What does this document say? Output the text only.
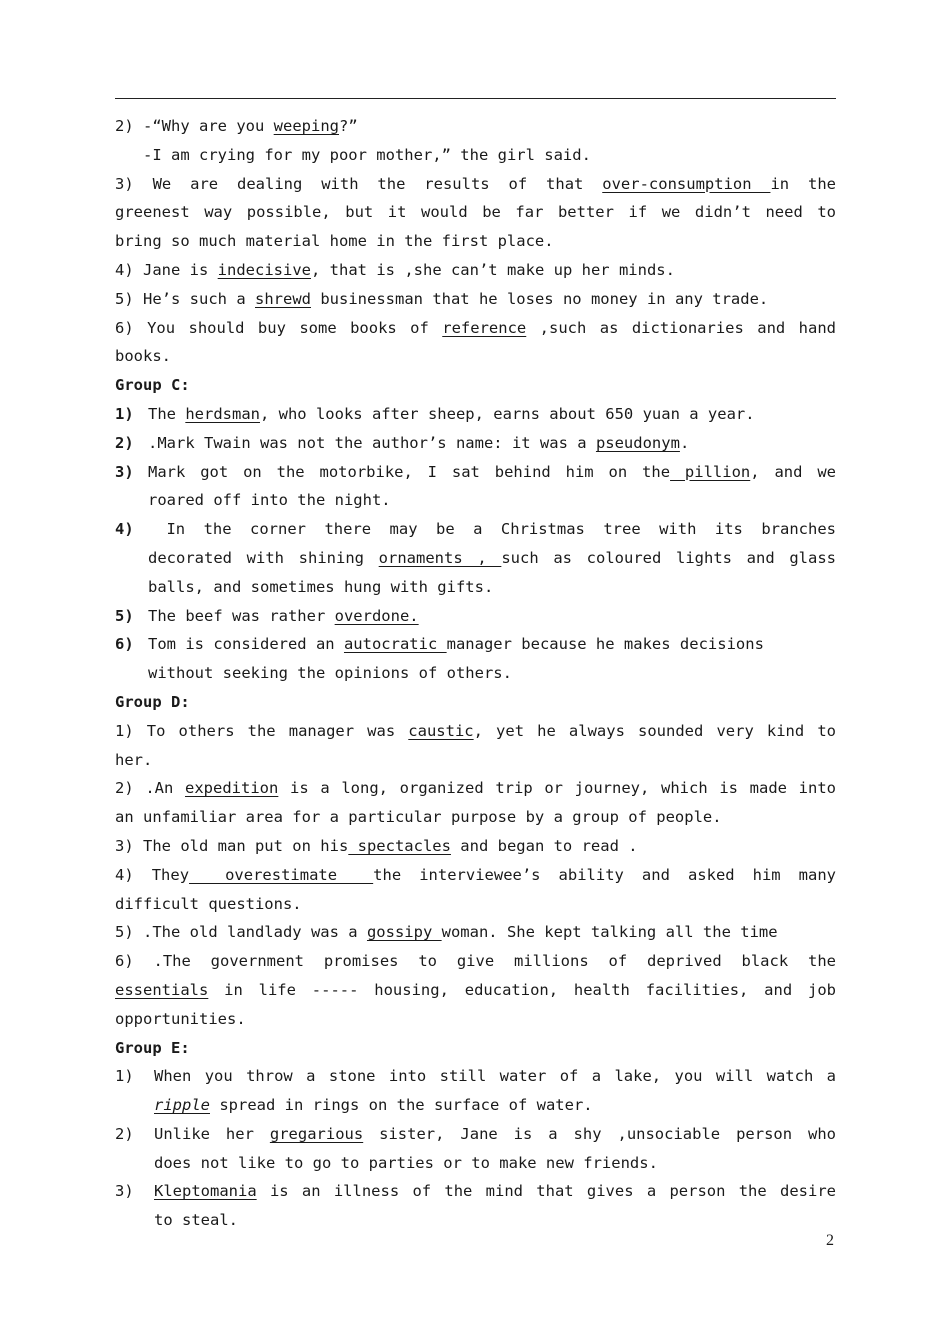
2) -“Why are you weeping?”
-I am crying for my poor mother,” the girl said.
3) We are dealing with the results of that over-consumption in the
greenest way possible, but it would be far better if we didn’t need to
bring so much material home in the first place.
4) Jane is indecisive, that is ,she can’t make up her minds.
5) He’s such a shrewd businessman that he loses no money in any trade.
6) You should buy some books of reference ,such as dictionaries and hand
books.
Group C:
1) The herdsman, who looks after sheep, earns about 650 yuan a year.
2) .Mark Twain was not the author’s name: it was a pseudonym.
3) Mark got on the motorbike, I sat behind him on the pillion, and we
roared off into the night.
4) In the corner there may be a Christmas tree with its branches
decorated with shining ornaments , such as coloured lights and glass
balls, and sometimes hung with gifts.
5) The beef was rather overdone.
6) Tom is considered an autocratic manager because he makes decisions
without seeking the opinions of others.
Group D:
1) To others the manager was caustic, yet he always sounded very kind to
her.
2) .An expedition is a long, organized trip or journey, which is made into
an unfamiliar area for a particular purpose by a group of people.
3) The old man put on his spectacles and began to read .
4) They  overestimate  the interviewee’s ability and asked him many
difficult questions.
5) .The old landlady was a gossipy woman. She kept talking all the time
6) .The government promises to give millions of deprived black the
essentials in life ----- housing, education, health facilities, and job
opportunities.
Group E:
1) When you throw a stone into still water of a lake, you will watch a
ripple spread in rings on the surface of water.
2) Unlike her gregarious sister, Jane is a shy ,unsociable person who
does not like to go to parties or to make new friends.
3) Kleptomania is an illness of the mind that gives a person the desire
to steal.
2
